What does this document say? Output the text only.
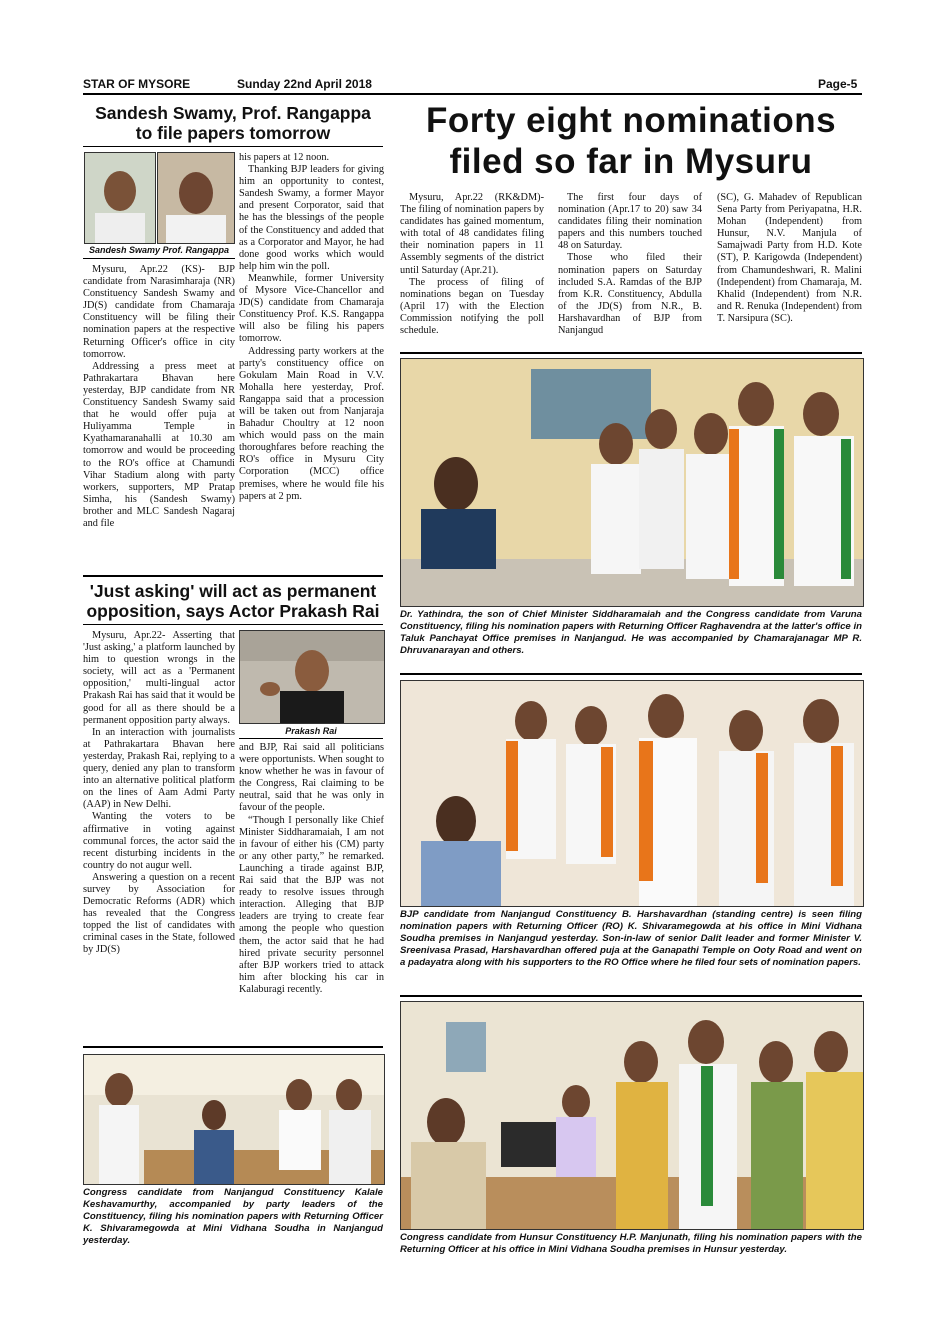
STAR OF MYSORE	Sunday 22nd April 2018	Page-5
Sandesh Swamy, Prof. Rangappa
to file papers tomorrow
Sandesh Swamy Prof. Rangappa

Mysuru, Apr.22 (KS)- BJP candidate from Narasimharaja (NR) Constituency Sandesh Swamy and JD(S) candidate from Chamaraja Constituency will be filing their nomination papers at the respective Returning Officer's office in city tomorrow.

Addressing a press meet at Pathrakartara Bhavan here yesterday, BJP candidate from NR Constituency Sandesh Swamy said that he would offer puja at Huliyamma Temple in Kyathamaranahalli at 10.30 am tomorrow and would be proceeding to the RO's office at Chamundi Vihar Stadium along with party workers, supporters, MP Pratap Simha, his (Sandesh Swamy) brother and MLC Sandesh Nagaraj and file

his papers at 12 noon.

Thanking BJP leaders for giving him an opportunity to contest, Sandesh Swamy, a former Mayor and present Corporator, said that he has the blessings of the people of the Constituency and added that as a Corporator and Mayor, he had done good works which would help him win the poll.

Meanwhile, former University of Mysore Vice-Chancellor and JD(S) candidate from Chamaraja Constituency Prof. K.S. Rangappa will also be filing his papers tomorrow.

Addressing party workers at the party's constituency office on Gokulam Main Road in V.V. Mohalla here yesterday, Prof. Rangappa said that a procession will be taken out from Nanjaraja Bahadur Choultry at 12 noon which would pass on the main thoroughfares before reaching the RO's office in Mysuru City Corporation (MCC) office premises, where he would file his papers at 2 pm.

'Just asking' will act as permanent
opposition, says Actor Prakash Rai
Prakash Rai

Mysuru, Apr.22- Asserting that 'Just asking,' a platform launched by him to question wrongs in the society, will act as a 'Permanent opposition,' multi-lingual actor Prakash Rai has said that it would be good for all as there should be a permanent opposition party always.

In an interaction with journalists at Pathrakartara Bhavan here yesterday, Prakash Rai, replying to a query, denied any plan to transform into an alternative political platform on the lines of Aam Admi Party (AAP) in New Delhi.

Wanting the voters to be affirmative in voting against communal forces, the actor said the recent disturbing incidents in the country do not augur well.

Answering a question on a recent survey by Association for Democratic Reforms (ADR) which has revealed that the Congress topped the list of candidates with criminal cases in the State, followed by JD(S)

and BJP, Rai said all politicians were opportunists. When sought to know whether he was in favour of the Congress, Rai claiming to be neutral, said that he was only in favour of the people.

“Though I personally like Chief Minister Siddharamaiah, I am not in favour of either his (CM) party or any other party,” he remarked. Launching a tirade against BJP, Rai said that the BJP was not ready to resolve issues through interaction. Alleging that BJP leaders are trying to create fear among the people who question them, the actor said that he had hired private security personnel after BJP workers tried to attack him after blocking his car in Kalaburagi recently.

Congress candidate from Nanjangud Constituency Kalale Keshavamurthy, accompanied by party leaders of the Constituency, filing his nomination papers with Returning Officer K. Shivaramegowda at Mini Vidhana Soudha in Nanjangud yesterday.
Forty eight nominations
filed so far in Mysuru

Mysuru, Apr.22 (RK&DM)- The filing of nomination papers by candidates has gained momentum, with total of 48 candidates filing their nomination papers in 11 Assembly segments of the district until Saturday (Apr.21).

The process of filing of nominations began on Tuesday (April 17) with the Election Commission notifying the poll schedule.

The first four days of nomination (Apr.17 to 20) saw 34 candidates filing their nomination papers and this numbers touched 48 on Saturday.

Those who filed their nomination papers on Saturday included S.A. Ramdas of the BJP from K.R. Constituency, Abdulla of the JD(S) from N.R., B. Harshavardhan of BJP from Nanjangud

(SC), G. Mahadev of Republican Sena Party from Periyapatna, H.R. Mohan (Independent) from Hunsur, N.V. Manjula of Samajwadi Party from H.D. Kote (ST), P. Karigowda (Independent) from Chamundeshwari, R. Malini (Independent) from Chamaraja, M. Khalid (Independent) from N.R. and R. Renuka (Independent) from T. Narsipura (SC).

Dr. Yathindra, the son of Chief Minister Siddharamaiah and the Congress candidate from Varuna Constituency, filing his nomination papers with Returning Officer Raghavendra at the latter's office in Taluk Panchayat Office premises in Nanjangud. He was accompanied by Chamarajanagar MP R. Dhruvanarayan and others.
BJP candidate from Nanjangud Constituency B. Harshavardhan (standing centre) is seen filing nomination papers with Returning Officer (RO) K. Shivaramegowda at his office in Mini Vidhana Soudha premises in Nanjangud yesterday. Son-in-law of senior Dalit leader and former Minister V. Sreenivasa Prasad, Harshavardhan offered puja at the Ganapathi Temple on Ooty Road and went on a padayatra along with his supporters to the RO Office where he filed four sets of nomination papers.
Congress candidate from Hunsur Constituency H.P. Manjunath, filing his nomination papers with the Returning Officer at his office in Mini Vidhana Soudha premises in Hunsur yesterday.
